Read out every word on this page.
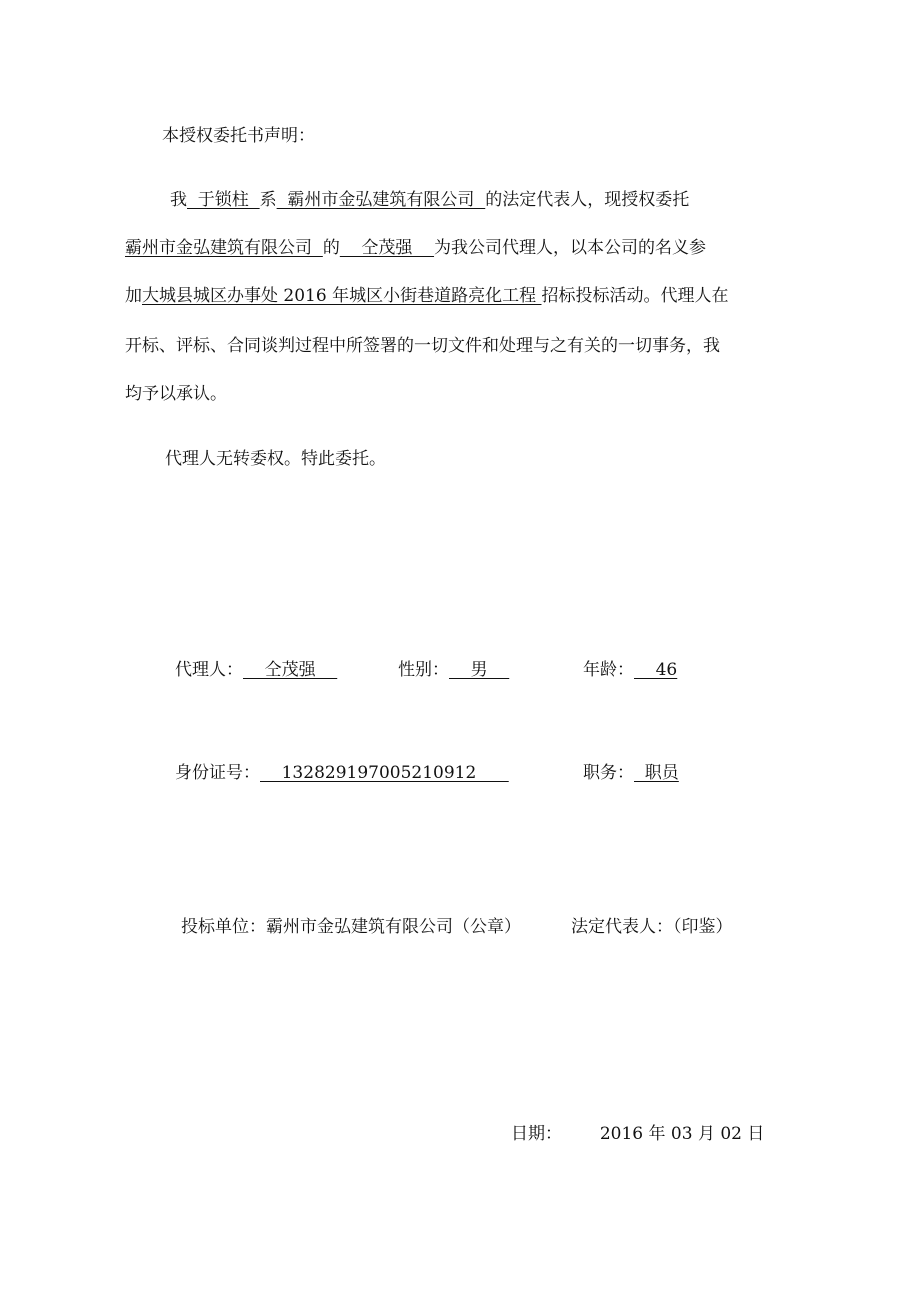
本授权委托书声明：
我  于锁柱  系  霸州市金弘建筑有限公司  的法定代表人，现授权委托
霸州市金弘建筑有限公司  的    仝茂强    为我公司代理人，以本公司的名义参
加大城县城区办事处 2016 年城区小街巷道路亮化工程 招标投标活动。代理人在
开标、评标、合同谈判过程中所签署的一切文件和处理与之有关的一切事务，我
均予以承认。
代理人无转委权。特此委托。
代理人：    仝茂强	性别：    男	年龄：    46
身份证号：    132829197005210912	职务：  职员
投标单位：霸州市金弘建筑有限公司（公章）	法定代表人：（印鉴）
日期： 2016 年 03 月 02 日
